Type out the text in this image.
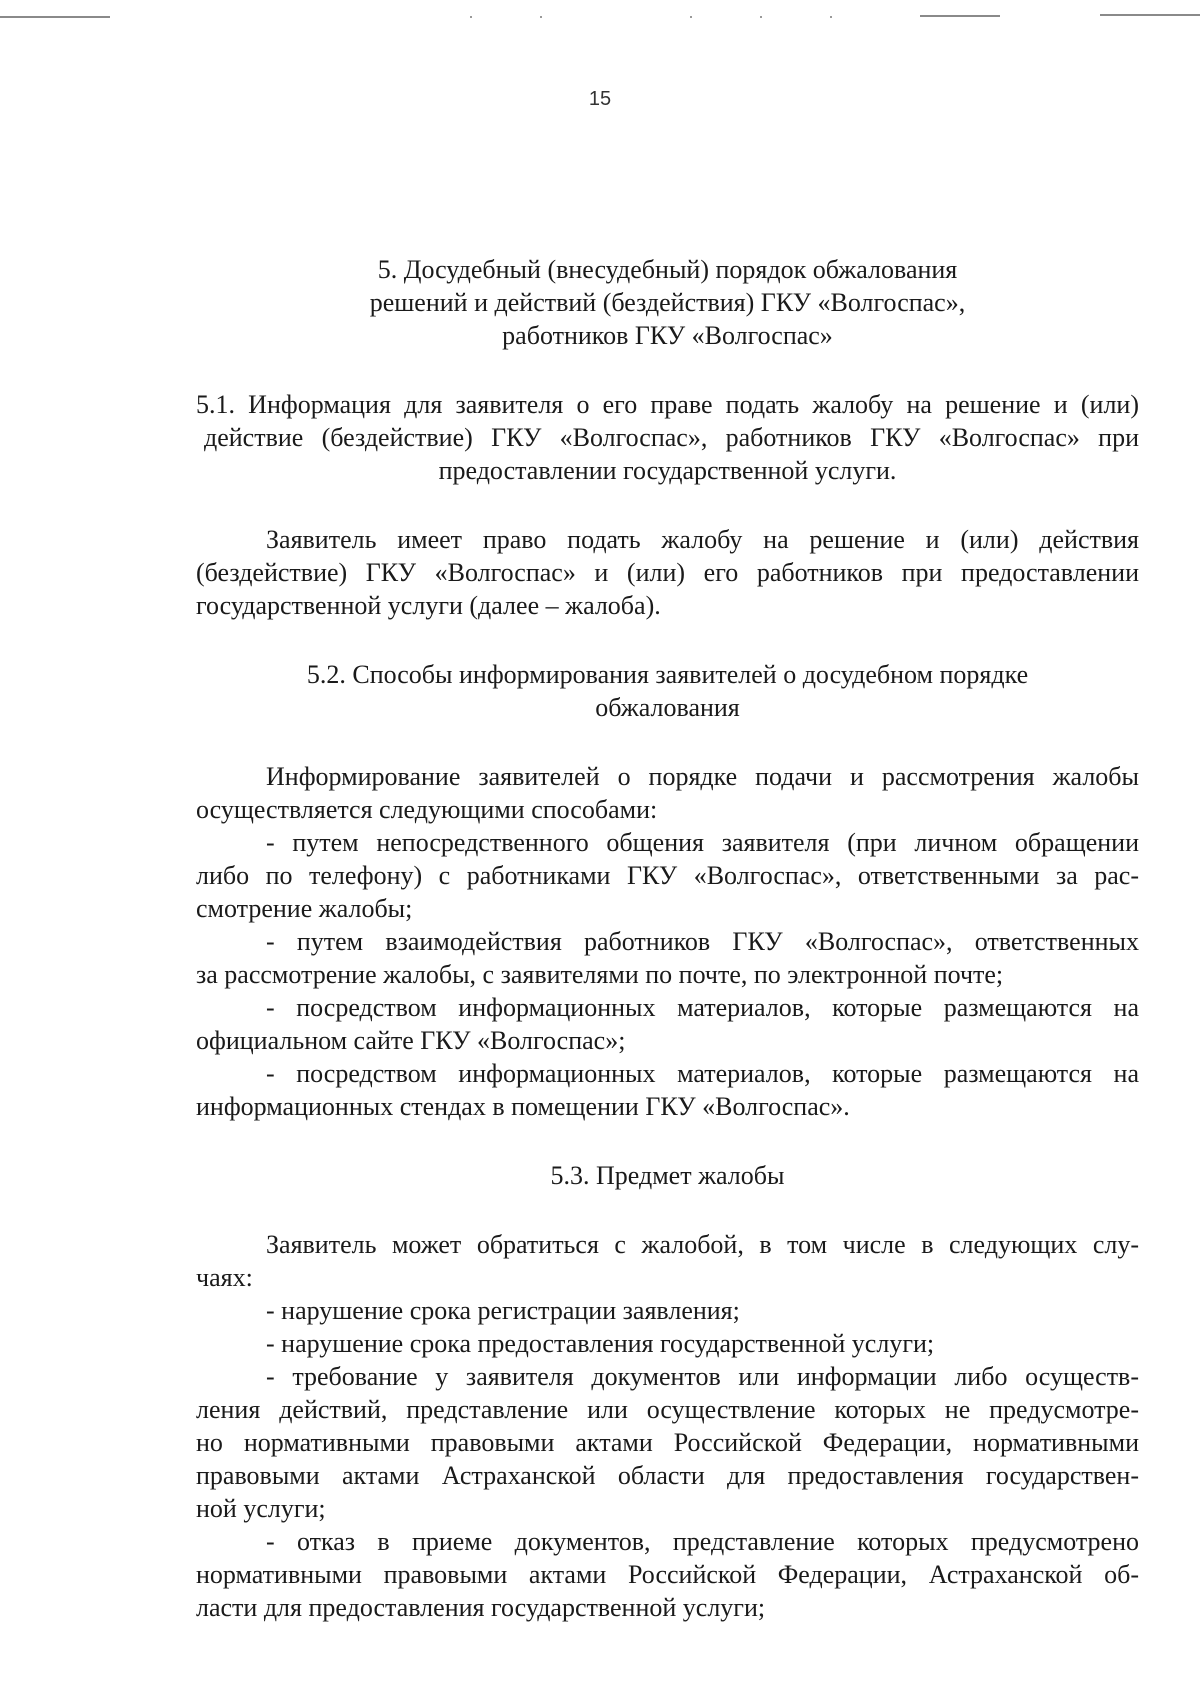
15
5. Досудебный (внесудебный) порядок обжалования
решений и действий (бездействия) ГКУ «Волгоспас»,
работников ГКУ «Волгоспас»
5.1. Информация для заявителя о его праве подать жалобу на решение и (или)
действие (бездействие) ГКУ «Волгоспас», работников ГКУ «Волгоспас» при
предоставлении государственной услуги.
Заявитель имеет право подать жалобу на решение и (или) действия
(бездействие) ГКУ «Волгоспас» и (или) его работников при предоставлении
государственной услуги (далее – жалоба).
5.2. Способы информирования заявителей о досудебном порядке
обжалования
Информирование заявителей о порядке подачи и рассмотрения жалобы
осуществляется следующими способами:
- путем непосредственного общения заявителя (при личном обращении
либо по телефону) с работниками ГКУ «Волгоспас», ответственными за рас-
смотрение жалобы;
- путем взаимодействия работников ГКУ «Волгоспас», ответственных
за рассмотрение жалобы, с заявителями по почте, по электронной почте;
- посредством информационных материалов, которые размещаются на
официальном сайте ГКУ «Волгоспас»;
- посредством информационных материалов, которые размещаются на
информационных стендах в помещении ГКУ «Волгоспас».
5.3. Предмет жалобы
Заявитель может обратиться с жалобой, в том числе в следующих слу-
чаях:
- нарушение срока регистрации заявления;
- нарушение срока предоставления государственной услуги;
- требование у заявителя документов или информации либо осуществ-
ления действий, представление или осуществление которых не предусмотре-
но нормативными правовыми актами Российской Федерации, нормативными
правовыми актами Астраханской области для предоставления государствен-
ной услуги;
- отказ в приеме документов, представление которых предусмотрено
нормативными правовыми актами Российской Федерации, Астраханской об-
ласти для предоставления государственной услуги;
